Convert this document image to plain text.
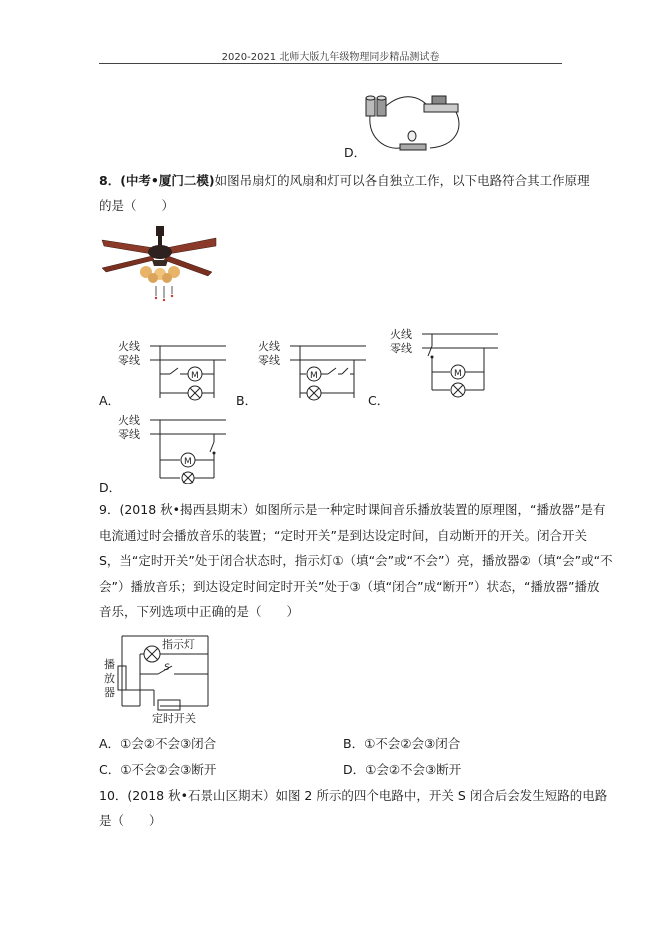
2020-2021 北师大版九年级物理同步精品测试卷
D．
8．(中考•厦门二模)如图吊扇灯的风扇和灯可以各自独立工作，以下电路符合其工作原理
的是（　　）
火线
零线
M
A．
火线
零线
M
B．
火线
零线
M
C．
火线
零线
M
D．
9．(2018 秋•揭西县期末）如图所示是一种定时课间音乐播放装置的原理图，“播放器”是有
电流通过时会播放音乐的装置；“定时开关”是到达设定时间，自动断开的开关。闭合开关
S，当“定时开关”处于闭合状态时，指示灯①（填“会”或“不会”）亮，播放器②（填“会”或“不
会”）播放音乐；到达设定时间定时开关”处于③（填“闭合”成“断开”）状态，“播放器”播放
音乐，下列选项中正确的是（　　）
指示灯
S
播
放
器
定时开关
A．①会②不会③闭合	B．①不会②会③闭合
C．①不会②会③断开	D．①会②不会③断开
10．(2018 秋•石景山区期末）如图 2 所示的四个电路中，开关 S 闭合后会发生短路的电路
是（　　）
